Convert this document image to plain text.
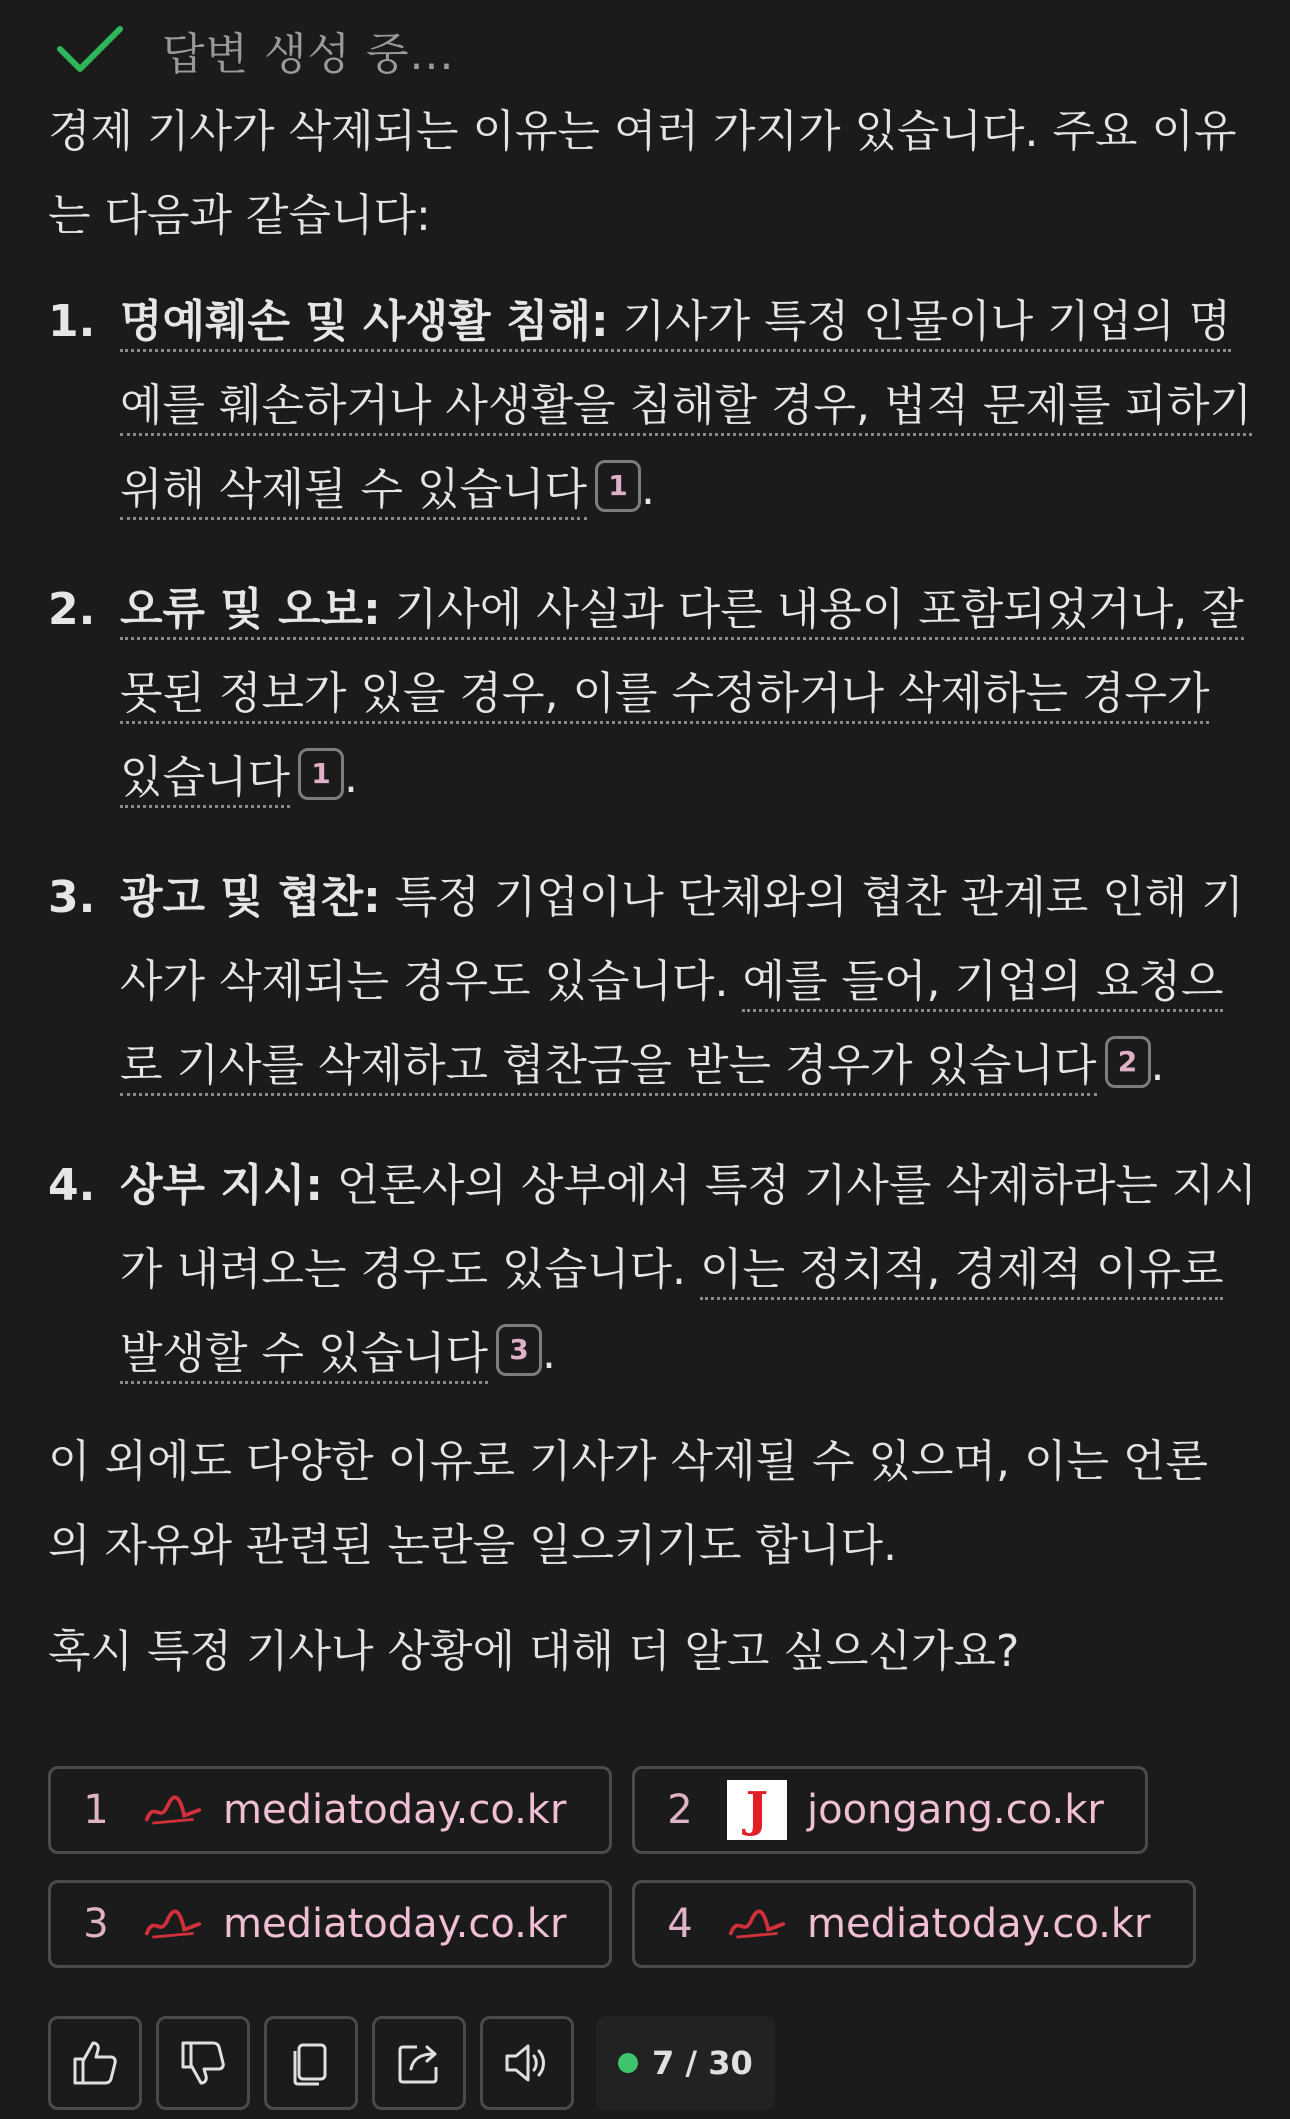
답변 생성 중...
경제 기사가 삭제되는 이유는 여러 가지가 있습니다. 주요 이유는 다음과 같습니다:
1. 명예훼손 및 사생활 침해: 기사가 특정 인물이나 기업의 명예를 훼손하거나 사생활을 침해할 경우, 법적 문제를 피하기 위해 삭제될 수 있습니다 1 .
2. 오류 및 오보: 기사에 사실과 다른 내용이 포함되었거나, 잘못된 정보가 있을 경우, 이를 수정하거나 삭제하는 경우가 있습니다 1 .
3. 광고 및 협찬: 특정 기업이나 단체와의 협찬 관계로 인해 기사가 삭제되는 경우도 있습니다. 예를 들어, 기업의 요청으로 기사를 삭제하고 협찬금을 받는 경우가 있습니다 2 .
4. 상부 지시: 언론사의 상부에서 특정 기사를 삭제하라는 지시가 내려오는 경우도 있습니다. 이는 정치적, 경제적 이유로 발생할 수 있습니다 3 .
이 외에도 다양한 이유로 기사가 삭제될 수 있으며, 이는 언론의 자유와 관련된 논란을 일으키기도 합니다.
혹시 특정 기사나 상황에 대해 더 알고 싶으신가요?
1	mediatoday.co.kr	2	J joongang.co.kr
3	mediatoday.co.kr	4	mediatoday.co.kr
7 / 30
